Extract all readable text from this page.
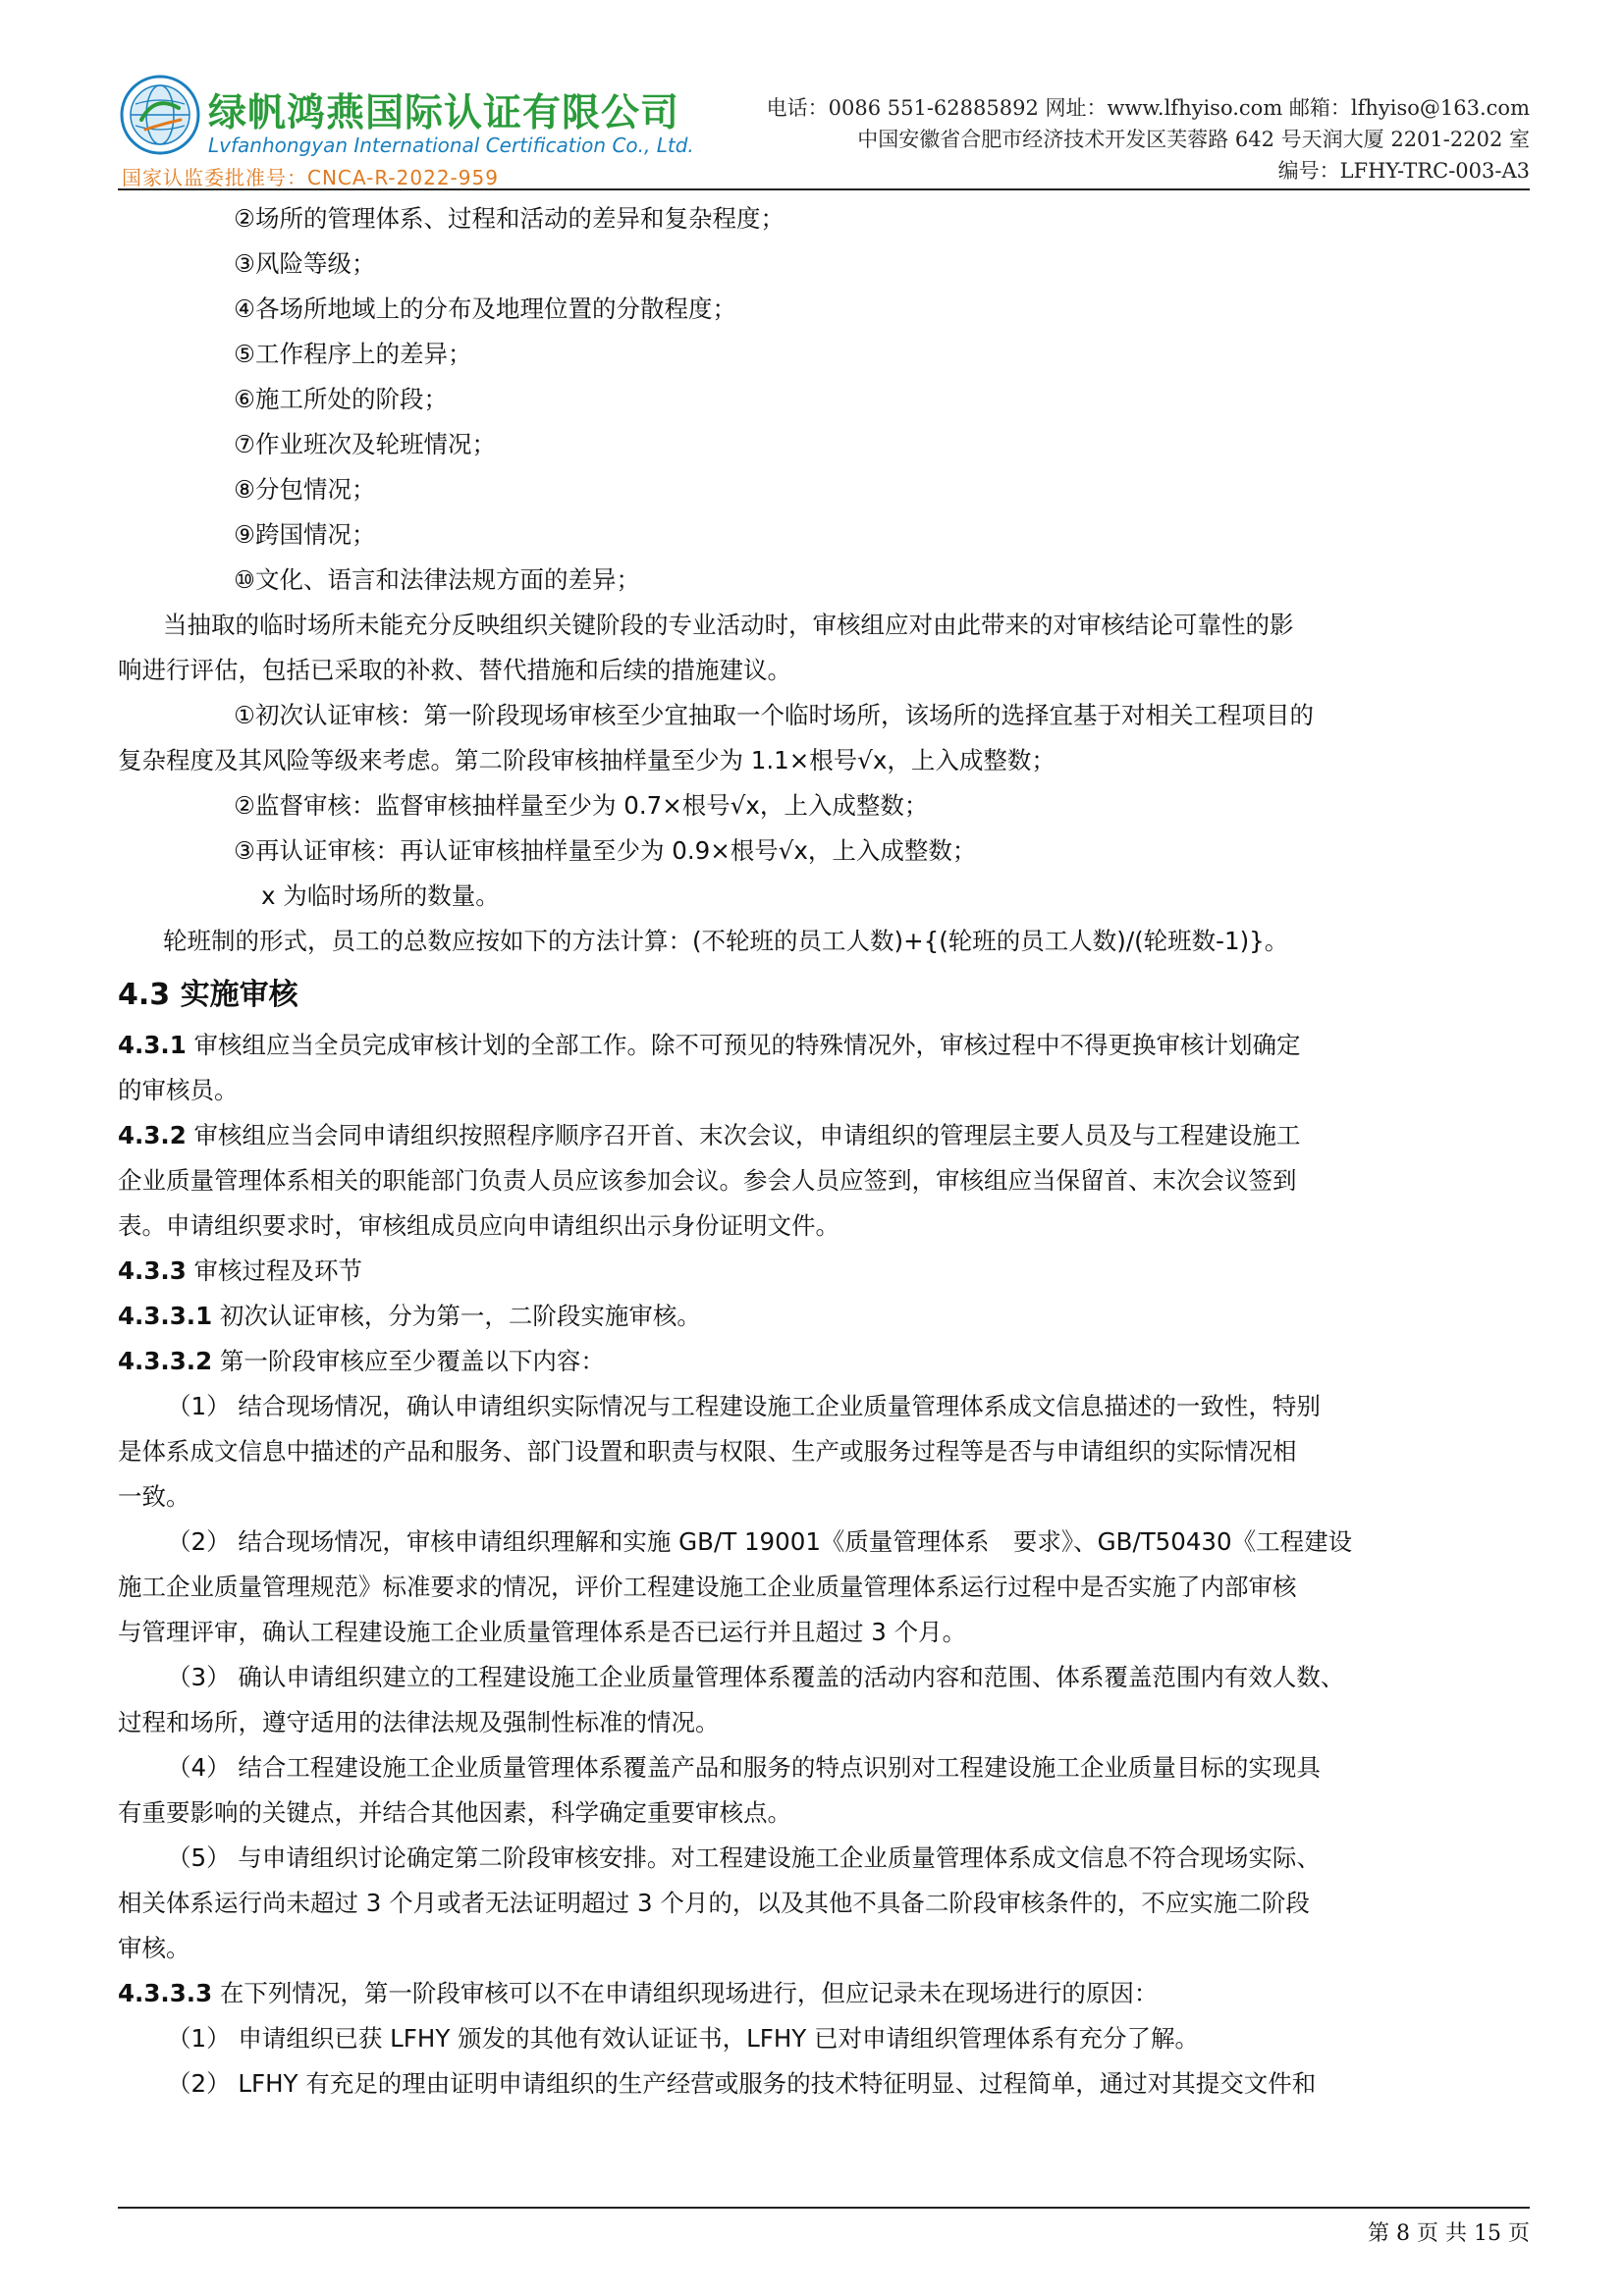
绿帆鸿燕国际认证有限公司
Lvfanhongyan International Certification Co., Ltd.
国家认监委批准号：CNCA-R-2022-959
电话：0086 551-62885892 网址：www.lfhyiso.com 邮箱：lfhyiso@163.com
中国安徽省合肥市经济技术开发区芙蓉路 642 号天润大厦 2201-2202 室
编号：LFHY-TRC-003-A3
②场所的管理体系、过程和活动的差异和复杂程度；
③风险等级；
④各场所地域上的分布及地理位置的分散程度；
⑤工作程序上的差异；
⑥施工所处的阶段；
⑦作业班次及轮班情况；
⑧分包情况；
⑨跨国情况；
⑩文化、语言和法律法规方面的差异；
当抽取的临时场所未能充分反映组织关键阶段的专业活动时，审核组应对由此带来的对审核结论可靠性的影
响进行评估，包括已采取的补救、替代措施和后续的措施建议。
①初次认证审核：第一阶段现场审核至少宜抽取一个临时场所，该场所的选择宜基于对相关工程项目的
复杂程度及其风险等级来考虑。第二阶段审核抽样量至少为 1.1×根号√x，上入成整数；
②监督审核：监督审核抽样量至少为 0.7×根号√x，上入成整数；
③再认证审核：再认证审核抽样量至少为 0.9×根号√x，上入成整数；
x 为临时场所的数量。
轮班制的形式，员工的总数应按如下的方法计算：(不轮班的员工人数)+{(轮班的员工人数)/(轮班数-1)}。
4.3 实施审核
4.3.1 审核组应当全员完成审核计划的全部工作。除不可预见的特殊情况外，审核过程中不得更换审核计划确定
的审核员。
4.3.2 审核组应当会同申请组织按照程序顺序召开首、末次会议，申请组织的管理层主要人员及与工程建设施工
企业质量管理体系相关的职能部门负责人员应该参加会议。参会人员应签到，审核组应当保留首、末次会议签到
表。申请组织要求时，审核组成员应向申请组织出示身份证明文件。
4.3.3 审核过程及环节
4.3.3.1 初次认证审核，分为第一，二阶段实施审核。
4.3.3.2 第一阶段审核应至少覆盖以下内容：
（1） 结合现场情况，确认申请组织实际情况与工程建设施工企业质量管理体系成文信息描述的一致性，特别
是体系成文信息中描述的产品和服务、部门设置和职责与权限、生产或服务过程等是否与申请组织的实际情况相
一致。
（2） 结合现场情况，审核申请组织理解和实施 GB/T 19001《质量管理体系　要求》、GB/T50430《工程建设
施工企业质量管理规范》标准要求的情况，评价工程建设施工企业质量管理体系运行过程中是否实施了内部审核
与管理评审，确认工程建设施工企业质量管理体系是否已运行并且超过 3 个月。
（3） 确认申请组织建立的工程建设施工企业质量管理体系覆盖的活动内容和范围、体系覆盖范围内有效人数、
过程和场所，遵守适用的法律法规及强制性标准的情况。
（4） 结合工程建设施工企业质量管理体系覆盖产品和服务的特点识别对工程建设施工企业质量目标的实现具
有重要影响的关键点，并结合其他因素，科学确定重要审核点。
（5） 与申请组织讨论确定第二阶段审核安排。对工程建设施工企业质量管理体系成文信息不符合现场实际、
相关体系运行尚未超过 3 个月或者无法证明超过 3 个月的，以及其他不具备二阶段审核条件的，不应实施二阶段
审核。
4.3.3.3 在下列情况，第一阶段审核可以不在申请组织现场进行，但应记录未在现场进行的原因：
（1） 申请组织已获 LFHY 颁发的其他有效认证证书，LFHY 已对申请组织管理体系有充分了解。
（2） LFHY 有充足的理由证明申请组织的生产经营或服务的技术特征明显、过程简单，通过对其提交文件和
第 8 页 共 15 页
